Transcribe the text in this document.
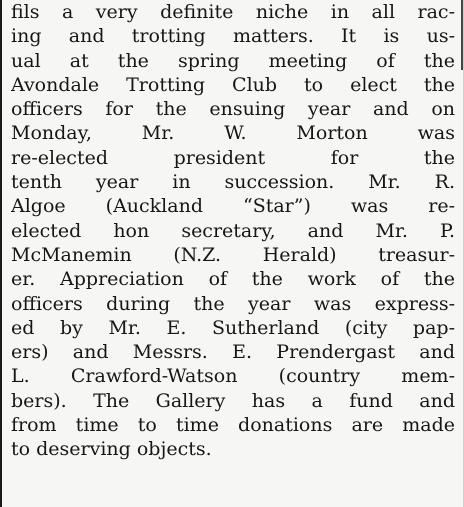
fils a very definite niche in all rac-
ing and trotting matters. It is us-
ual at the spring meeting of the
Avondale Trotting Club to elect the
officers for the ensuing year and on
Monday, Mr. W. Morton was
re-elected president for the
tenth year in succession. Mr. R.
Algoe (Auckland “Star”) was re-
elected hon secretary, and Mr. P.
McManemin (N.Z. Herald) treasur-
er. Appreciation of the work of the
officers during the year was express-
ed by Mr. E. Sutherland (city pap-
ers) and Messrs. E. Prendergast and
L. Crawford-Watson (country mem-
bers). The Gallery has a fund and
from time to time donations are made
to deserving objects.
